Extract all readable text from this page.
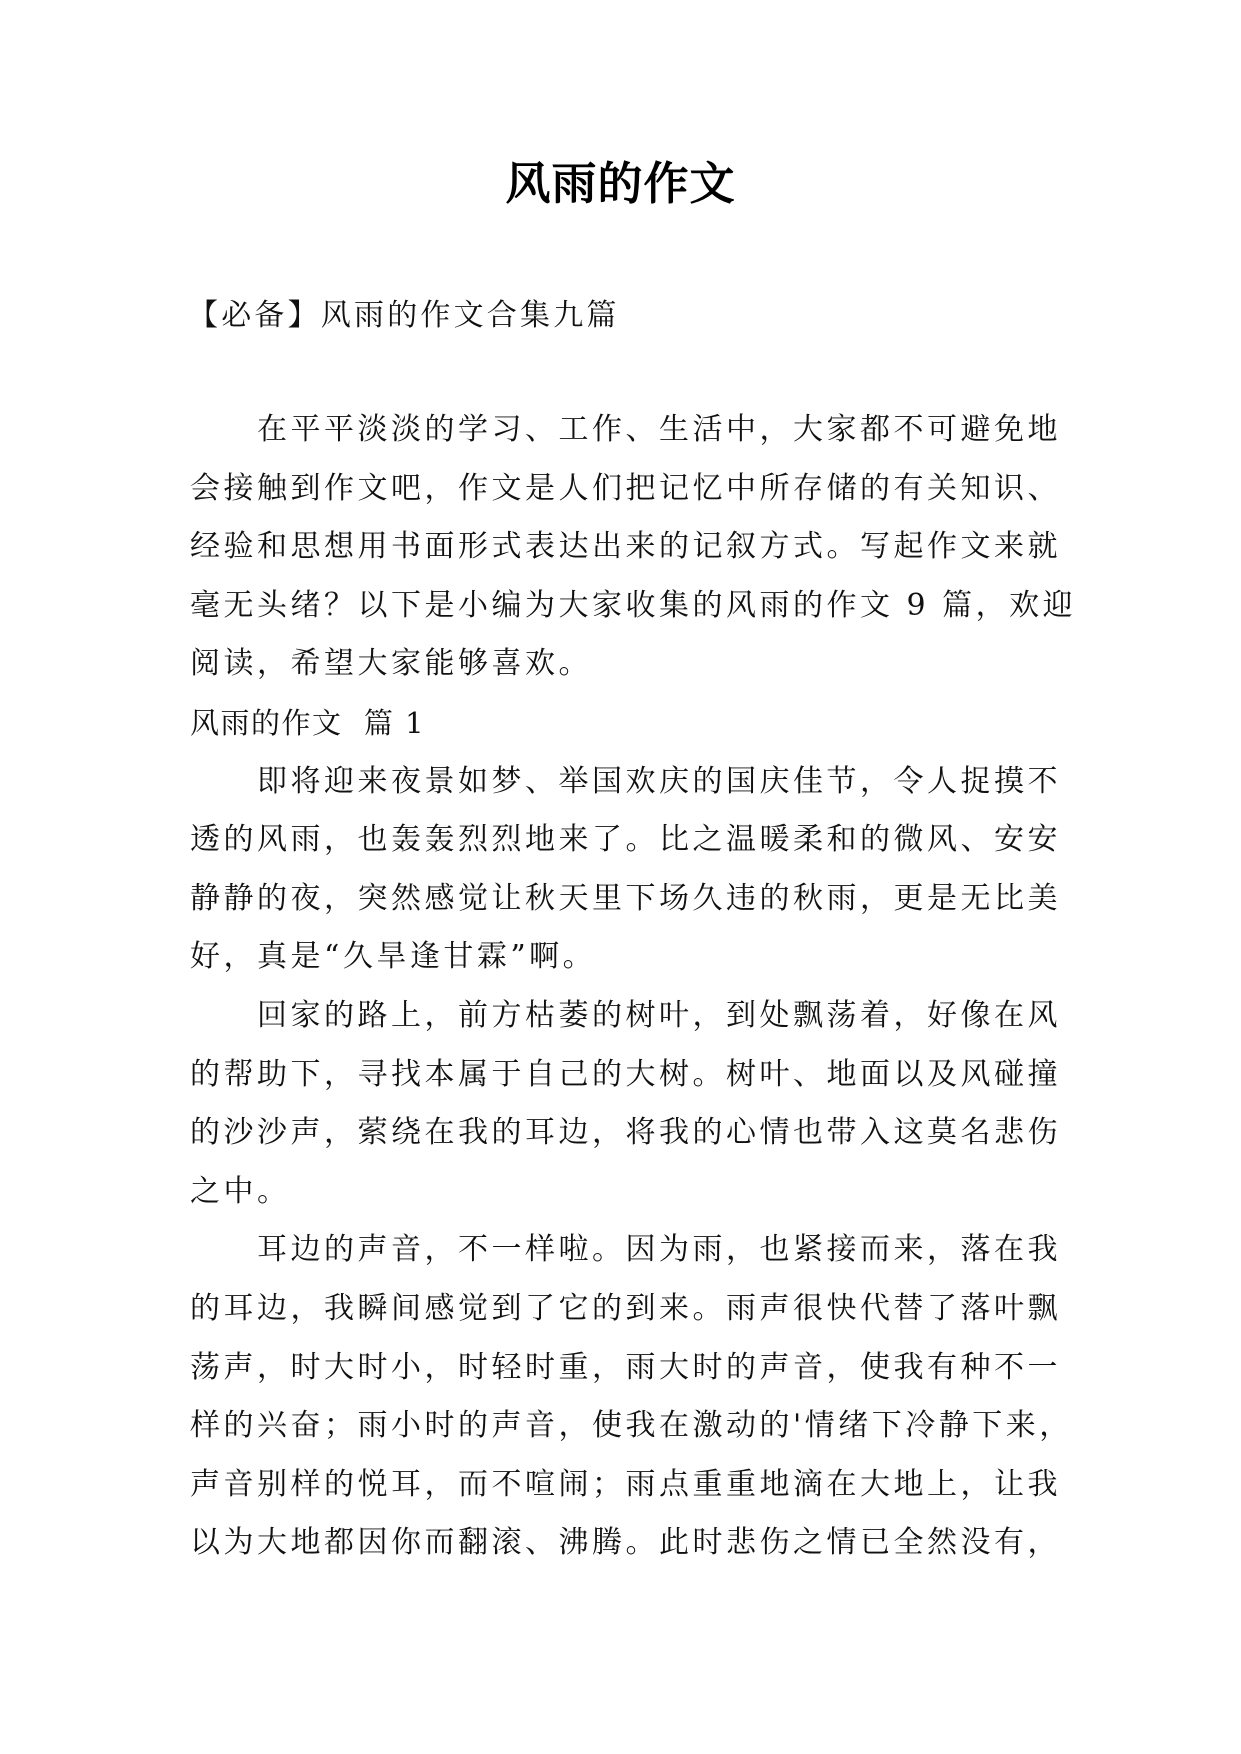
风雨的作文
【必备】风雨的作文合集九篇
在平平淡淡的学习、工作、生活中，大家都不可避免地
会接触到作文吧，作文是人们把记忆中所存储的有关知识、
经验和思想用书面形式表达出来的记叙方式。写起作文来就
毫无头绪？以下是小编为大家收集的风雨的作文 9 篇，欢迎
阅读，希望大家能够喜欢。
风雨的作文  篇 1
即将迎来夜景如梦、举国欢庆的国庆佳节，令人捉摸不
透的风雨，也轰轰烈烈地来了。比之温暖柔和的微风、安安
静静的夜，突然感觉让秋天里下场久违的秋雨，更是无比美
好，真是“久旱逢甘霖”啊。
回家的路上，前方枯萎的树叶，到处飘荡着，好像在风
的帮助下，寻找本属于自己的大树。树叶、地面以及风碰撞
的沙沙声，萦绕在我的耳边，将我的心情也带入这莫名悲伤
之中。
耳边的声音，不一样啦。因为雨，也紧接而来，落在我
的耳边，我瞬间感觉到了它的到来。雨声很快代替了落叶飘
荡声，时大时小，时轻时重，雨大时的声音，使我有种不一
样的兴奋；雨小时的声音，使我在激动的'情绪下冷静下来，
声音别样的悦耳，而不喧闹；雨点重重地滴在大地上，让我
以为大地都因你而翻滚、沸腾。此时悲伤之情已全然没有，
